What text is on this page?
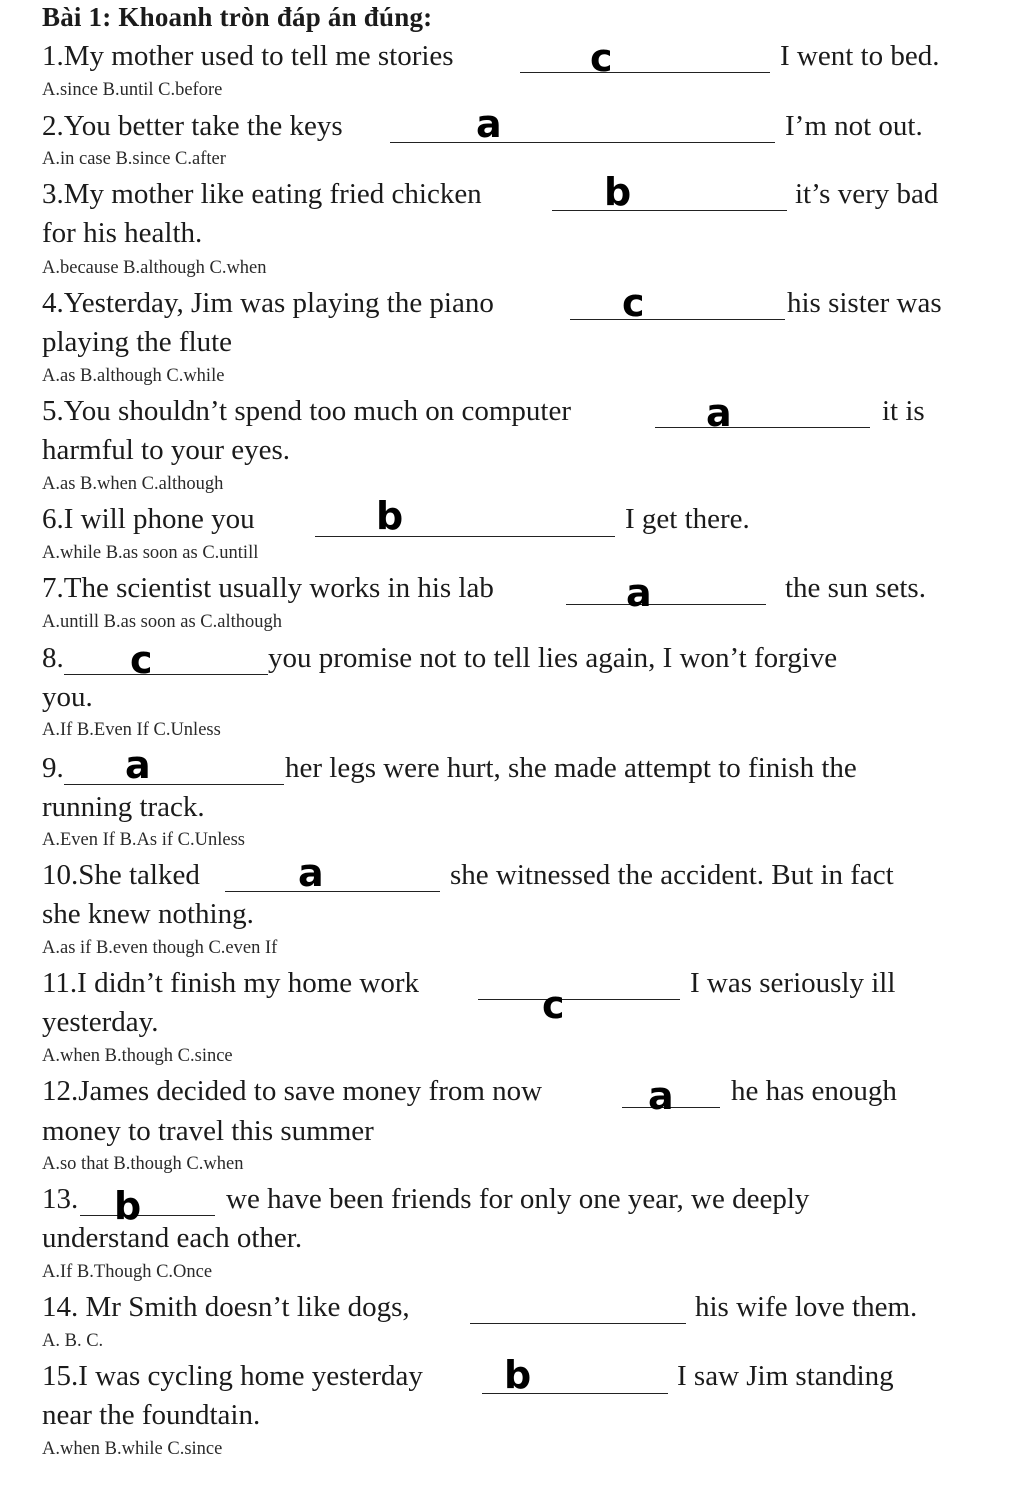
Bài 1: Khoanh tròn đáp án đúng:
1.My mother used to tell me stories	c	I went to bed.
A.since B.until C.before
2.You better take the keys	a	I’m not out.
A.in case B.since C.after
3.My mother like eating fried chicken	b	it’s very bad
for his health.
A.because B.although C.when
4.Yesterday, Jim was playing the piano	c	his sister was
playing the flute
A.as B.although C.while
5.You shouldn’t spend too much on computer	a	it is
harmful to your eyes.
A.as B.when C.although
6.I will phone you	b	I get there.
A.while B.as soon as C.untill
7.The scientist usually works in his lab	a	the sun sets.
A.untill B.as soon as C.although
8. c	you promise not to tell lies again, I won’t forgive
you.
A.If B.Even If C.Unless
9. a	her legs were hurt, she made attempt to finish the
running track.
A.Even If B.As if C.Unless
10.She talked	a	she witnessed the accident. But in fact
she knew nothing.
A.as if B.even though C.even If
11.I didn’t finish my home work	c	I was seriously ill
yesterday.
A.when B.though C.since
12.James decided to save money from now	a he has enough
money to travel this summer
A.so that B.though C.when
13. b	we have been friends for only one year, we deeply
understand each other.
A.If B.Though C.Once
14. Mr Smith doesn’t like dogs,	his wife love them.
A. B. C.
15.I was cycling home yesterday b	I saw Jim standing
near the foundtain.
A.when B.while C.since
